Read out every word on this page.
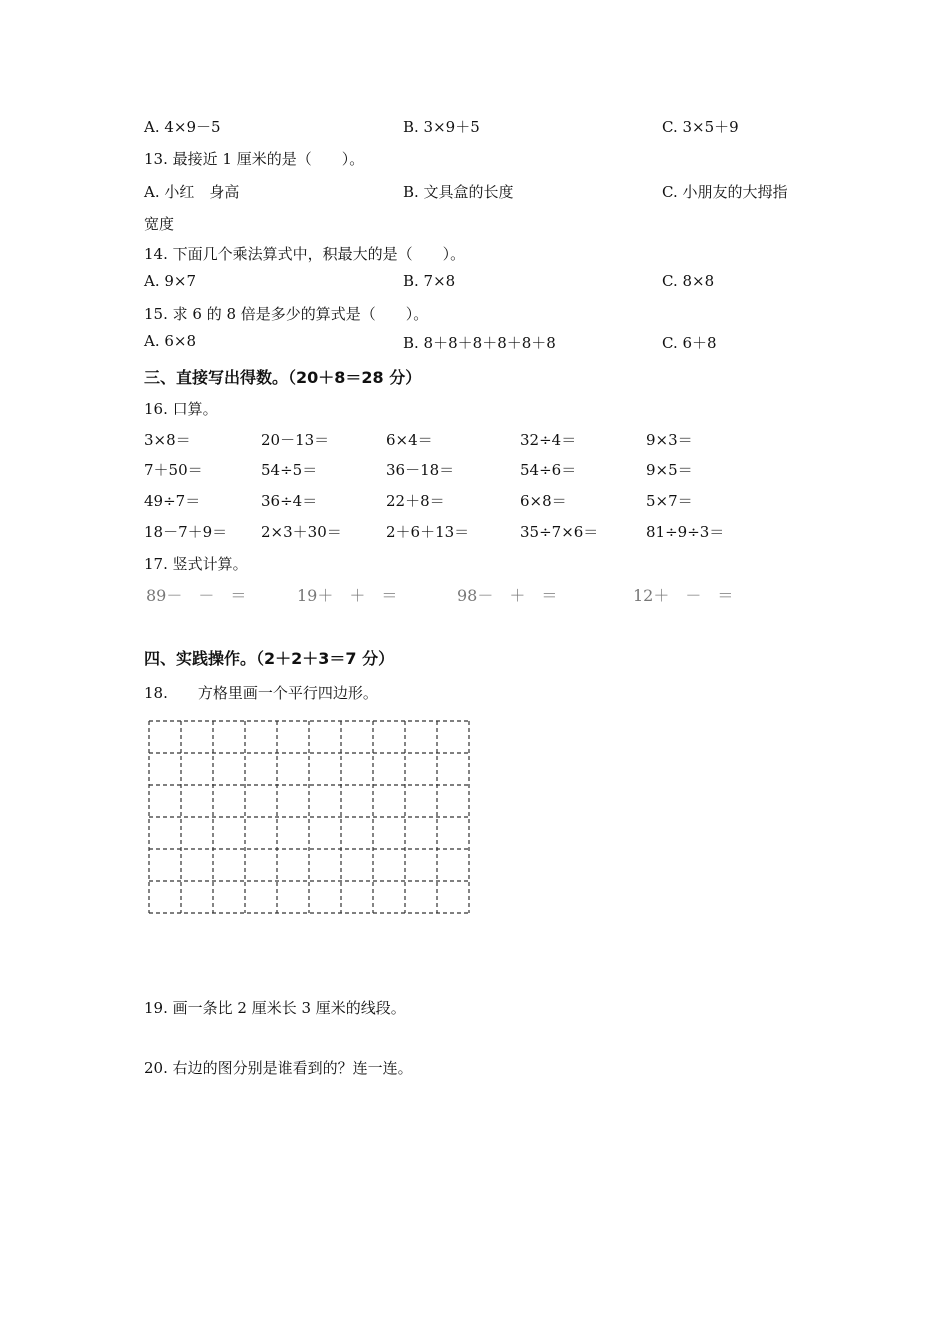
A. 4×9－5	B. 3×9＋5	C. 3×5＋9
13. 最接近 1 厘米的是（　　）。
A. 小红　身高	B. 文具盒的长度	C. 小朋友的大拇指
宽度
14. 下面几个乘法算式中，积最大的是（　　）。
A. 9×7	B. 7×8	C. 8×8
15. 求 6 的 8 倍是多少的算式是（　　）。
A. 6×8	B. 8＋8＋8＋8＋8＋8	C. 6＋8
三、直接写出得数。（20＋8＝28 分）
16. 口算。
3×8＝	20－13＝	6×4＝	32÷4＝	9×3＝
7＋50＝	54÷5＝	36－18＝	54÷6＝	9×5＝
49÷7＝	36÷4＝	22＋8＝	6×8＝	5×7＝
18－7＋9＝ 2×3＋30＝	2＋6＋13＝	35÷7×6＝	81÷9÷3＝
17. 竖式计算。
89－　－　＝	19＋　＋　＝	98－　＋　＝	12＋　－　＝
四、实践操作。（2＋2＋3＝7 分）
18.　　方格里画一个平行四边形。
19. 画一条比 2 厘米长 3 厘米的线段。
20. 右边的图分别是谁看到的？连一连。
